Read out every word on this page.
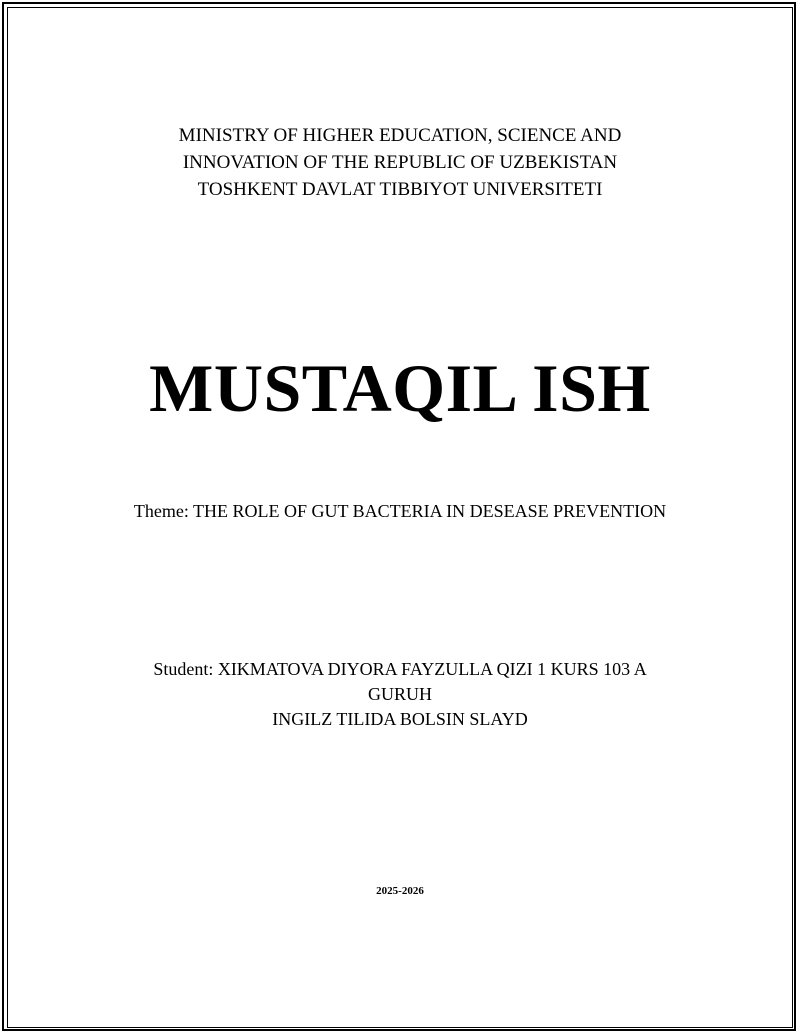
MINISTRY OF HIGHER EDUCATION, SCIENCE AND
INNOVATION OF THE REPUBLIC OF UZBEKISTAN
TOSHKENT DAVLAT TIBBIYOT UNIVERSITETI
MUSTAQIL ISH
Theme: THE ROLE OF GUT BACTERIA IN DESEASE PREVENTION
Student: XIKMATOVA DIYORA FAYZULLA QIZI 1 KURS 103 A
GURUH
INGILZ TILIDA BOLSIN SLAYD
2025-2026
